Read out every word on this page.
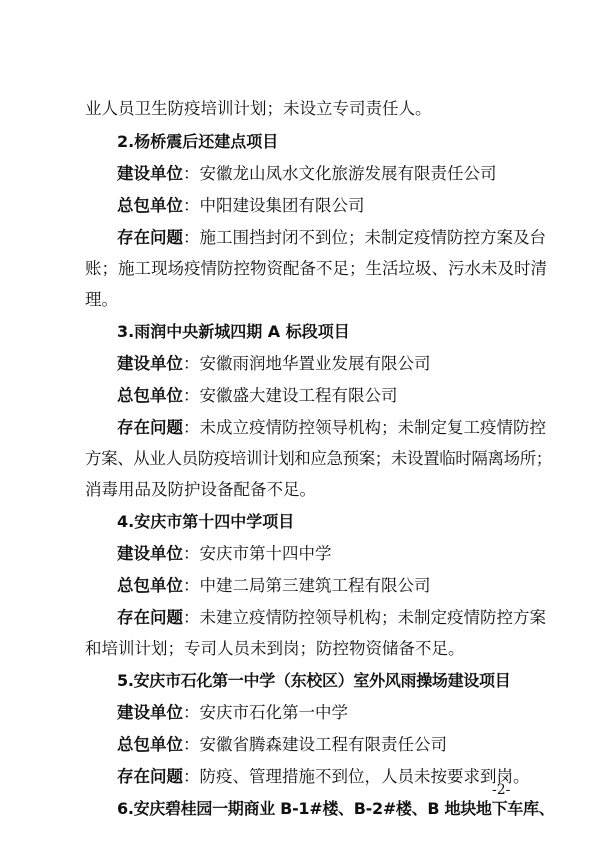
业人员卫生防疫培训计划；未设立专司责任人。
2.杨桥震后还建点项目
建设单位：安徽龙山凤水文化旅游发展有限责任公司
总包单位：中阳建设集团有限公司
存在问题：施工围挡封闭不到位；未制定疫情防控方案及台
账；施工现场疫情防控物资配备不足；生活垃圾、污水未及时清
理。
3.雨润中央新城四期 A 标段项目
建设单位：安徽雨润地华置业发展有限公司
总包单位：安徽盛大建设工程有限公司
存在问题：未成立疫情防控领导机构；未制定复工疫情防控
方案、从业人员防疫培训计划和应急预案；未设置临时隔离场所；
消毒用品及防护设备配备不足。
4.安庆市第十四中学项目
建设单位：安庆市第十四中学
总包单位：中建二局第三建筑工程有限公司
存在问题：未建立疫情防控领导机构；未制定疫情防控方案
和培训计划；专司人员未到岗；防控物资储备不足。
5.安庆市石化第一中学（东校区）室外风雨操场建设项目
建设单位：安庆市石化第一中学
总包单位：安徽省腾森建设工程有限责任公司
存在问题：防疫、管理措施不到位，人员未按要求到岗。
6.安庆碧桂园一期商业 B-1#楼、B-2#楼、B 地块地下车库、
-2-
